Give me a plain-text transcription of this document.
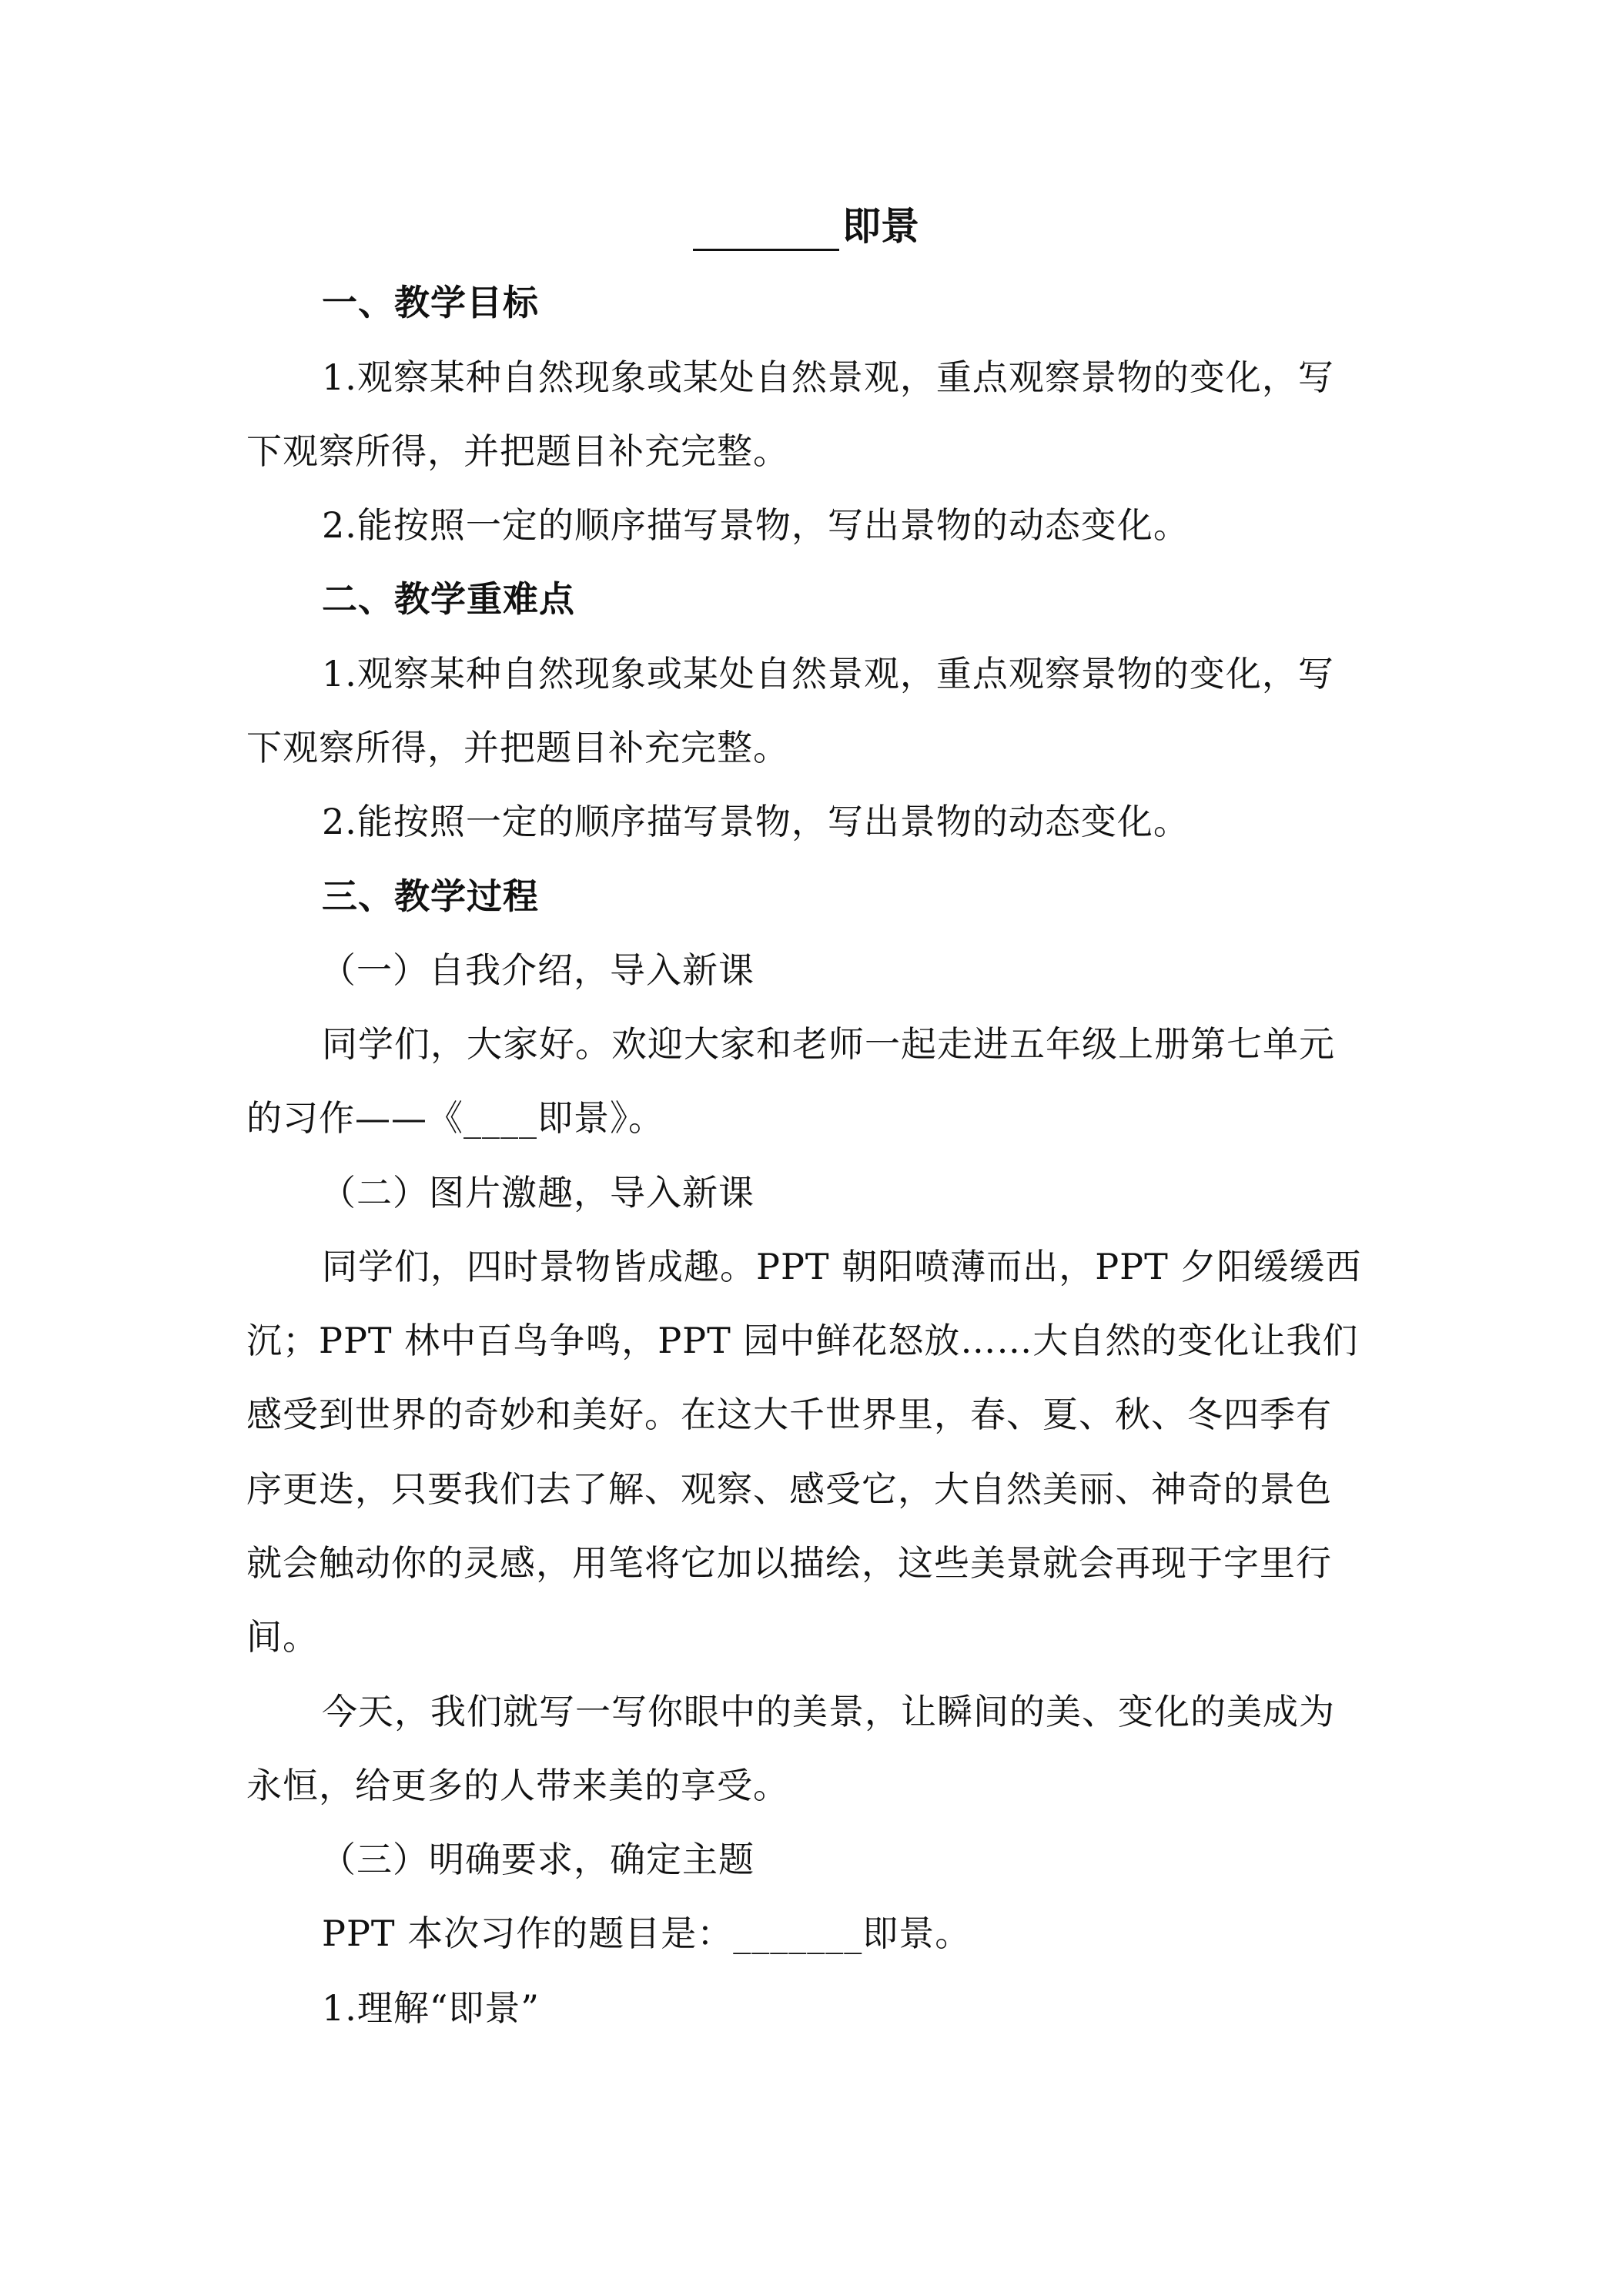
即景
一、教学目标
1.观察某种自然现象或某处自然景观，重点观察景物的变化，写
下观察所得，并把题目补充完整。
2.能按照一定的顺序描写景物，写出景物的动态变化。
二、教学重难点
1.观察某种自然现象或某处自然景观，重点观察景物的变化，写
下观察所得，并把题目补充完整。
2.能按照一定的顺序描写景物，写出景物的动态变化。
三、教学过程
（一）自我介绍，导入新课
同学们，大家好。欢迎大家和老师一起走进五年级上册第七单元
的习作——《____即景》。
（二）图片激趣，导入新课
同学们，四时景物皆成趣。PPT 朝阳喷薄而出，PPT 夕阳缓缓西
沉；PPT 林中百鸟争鸣，PPT 园中鲜花怒放……大自然的变化让我们
感受到世界的奇妙和美好。在这大千世界里，春、夏、秋、冬四季有
序更迭，只要我们去了解、观察、感受它，大自然美丽、神奇的景色
就会触动你的灵感，用笔将它加以描绘，这些美景就会再现于字里行
间。
今天，我们就写一写你眼中的美景，让瞬间的美、变化的美成为
永恒，给更多的人带来美的享受。
（三）明确要求，确定主题
PPT 本次习作的题目是：_______即景。
1.理解“即景”
